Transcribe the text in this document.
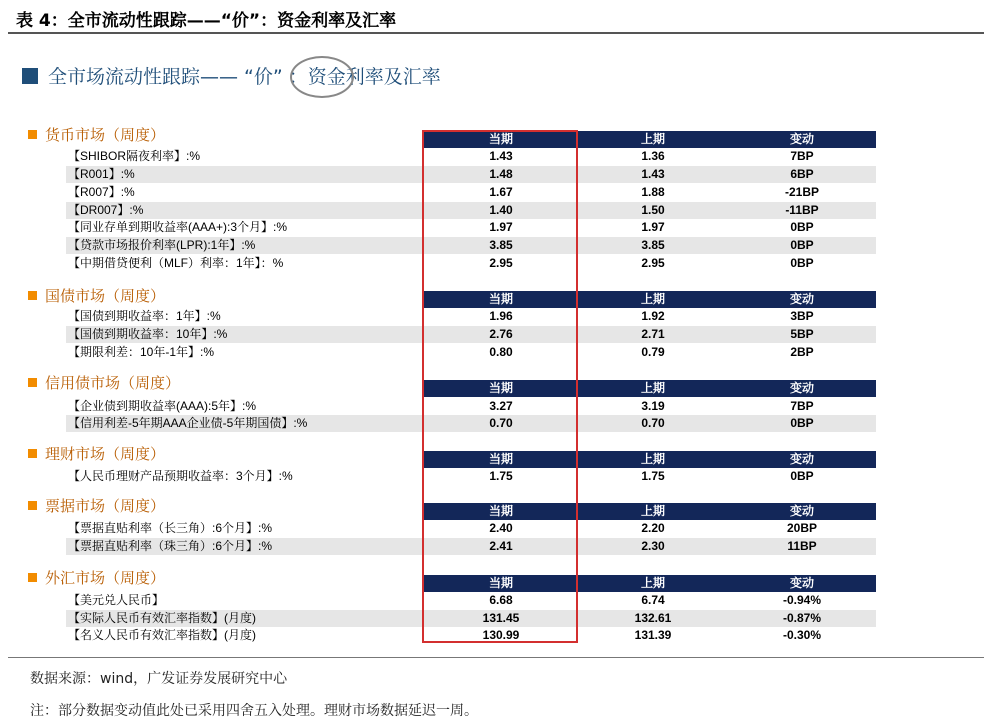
表 4：全市流动性跟踪——“价”：资金利率及汇率
全市场流动性跟踪—— “价” ：资金利率及汇率
货币市场（周度）	当期	上期	变动
【SHIBOR隔夜利率】:%	1.43	1.36	7BP
【R001】:%	1.48	1.43	6BP
【R007】:%	1.67	1.88	-21BP
【DR007】:%	1.40	1.50	-11BP
【同业存单到期收益率(AAA+):3个月】:%	1.97	1.97	0BP
【贷款市场报价利率(LPR):1年】:%	3.85	3.85	0BP
【中期借贷便利（MLF）利率：1年】：%	2.95	2.95	0BP
国债市场（周度）	当期	上期	变动
【国债到期收益率：1年】:%	1.96	1.92	3BP
【国债到期收益率：10年】:%	2.76	2.71	5BP
【期限利差：10年-1年】:%	0.80	0.79	2BP
信用债市场（周度）	当期	上期	变动
【企业债到期收益率(AAA):5年】:%	3.27	3.19	7BP
【信用利差-5年期AAA企业债-5年期国债】:%	0.70	0.70	0BP
理财市场（周度）	当期	上期	变动
【人民币理财产品预期收益率：3个月】:%	1.75	1.75	0BP
票据市场（周度）	当期	上期	变动
【票据直贴利率（长三角）:6个月】:%	2.40	2.20	20BP
【票据直贴利率（珠三角）:6个月】:%	2.41	2.30	11BP
外汇市场（周度）	当期	上期	变动
【美元兑人民币】	6.68	6.74	-0.94%
【实际人民币有效汇率指数】(月度)	131.45	132.61	-0.87%
【名义人民币有效汇率指数】(月度)	130.99	131.39	-0.30%
数据来源：wind，广发证券发展研究中心
注：部分数据变动值此处已采用四舍五入处理。理财市场数据延迟一周。
